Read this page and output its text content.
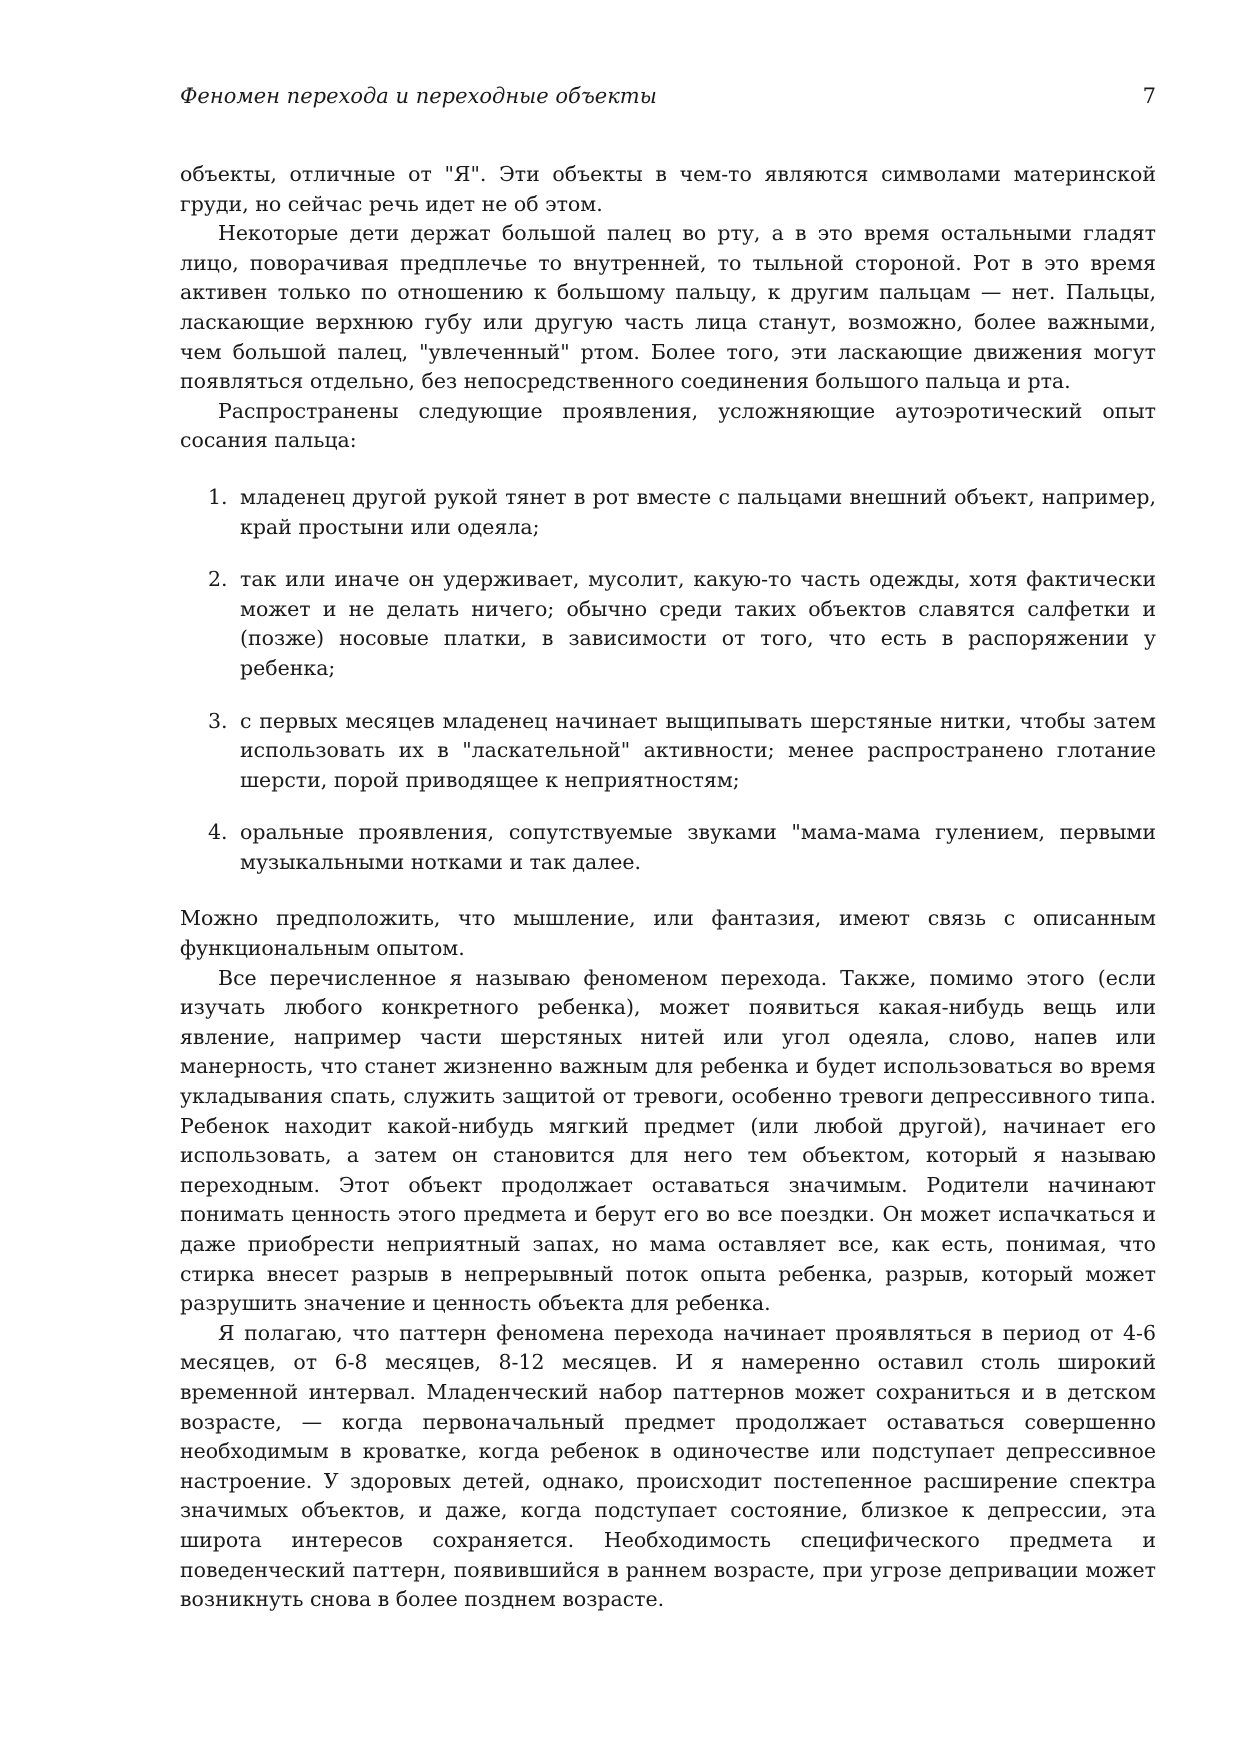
Феномен перехода и переходные объекты	7

объекты, отличные от "Я". Эти объекты в чем-то являются символами материнской груди, но сейчас речь идет не об этом.

Некоторые дети держат большой палец во рту, а в это время остальными гладят лицо, поворачивая предплечье то внутренней, то тыльной стороной. Рот в это время активен только по отношению к большому пальцу, к другим пальцам — нет. Пальцы, ласкающие верхнюю губу или другую часть лица станут, возможно, более важными, чем большой палец, "увлеченный" ртом. Более того, эти ласкающие движения могут появляться отдельно, без непосредственного соединения большого пальца и рта.

Распространены следующие проявления, усложняющие аутоэротический опыт сосания пальца:

1. младенец другой рукой тянет в рот вместе с пальцами внешний объект, например, край простыни или одеяла;
2. так или иначе он удерживает, мусолит, какую-то часть одежды, хотя фактически может и не делать ничего; обычно среди таких объектов славятся салфетки и (позже) носовые платки, в зависимости от того, что есть в распоряжении у ребенка;
3. с первых месяцев младенец начинает выщипывать шерстяные нитки, чтобы затем использовать их в "ласкательной" активности; менее распространено глотание шерсти, порой приводящее к неприятностям;
4. оральные проявления, сопутствуемые звуками "мама-мама гулением, первыми музыкальными нотками и так далее.

Можно предположить, что мышление, или фантазия, имеют связь с описанным функциональным опытом.

Все перечисленное я называю феноменом перехода. Также, помимо этого (если изучать любого конкретного ребенка), может появиться какая-нибудь вещь или явление, например части шерстяных нитей или угол одеяла, слово, напев или манерность, что станет жизненно важным для ребенка и будет использоваться во время укладывания спать, служить защитой от тревоги, особенно тревоги депрессивного типа. Ребенок находит какой-нибудь мягкий предмет (или любой другой), начинает его использовать, а затем он становится для него тем объектом, который я называю переходным. Этот объект продолжает оставаться значимым. Родители начинают понимать ценность этого предмета и берут его во все поездки. Он может испачкаться и даже приобрести неприятный запах, но мама оставляет все, как есть, понимая, что стирка внесет разрыв в непрерывный поток опыта ребенка, разрыв, который может разрушить значение и ценность объекта для ребенка.

Я полагаю, что паттерн феномена перехода начинает проявляться в период от 4-6 месяцев, от 6-8 месяцев, 8-12 месяцев. И я намеренно оставил столь широкий временной интервал. Младенческий набор паттернов может сохраниться и в детском возрасте, — когда первоначальный предмет продолжает оставаться совершенно необходимым в кроватке, когда ребенок в одиночестве или подступает депрессивное настроение. У здоровых детей, однако, происходит постепенное расширение спектра значимых объектов, и даже, когда подступает состояние, близкое к депрессии, эта широта интересов сохраняется. Необходимость специфического предмета и поведенческий паттерн, появившийся в раннем возрасте, при угрозе депривации может возникнуть снова в более позднем возрасте.
